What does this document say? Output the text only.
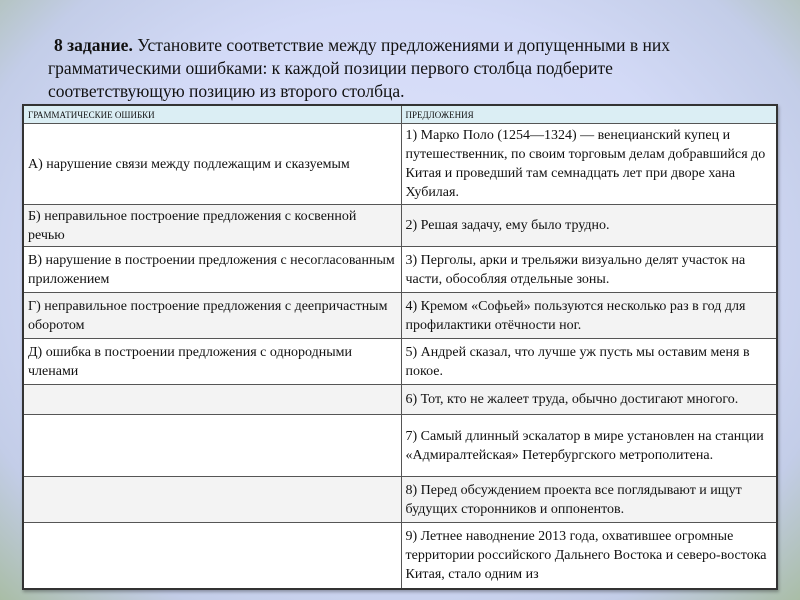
8 задание. Установите соответствие между предложениями и допущенными в них грамматическими ошибками: к каждой позиции первого столбца подберите соответствующую позицию из второго столбца.
ГРАММАТИЧЕСКИЕ ОШИБКИ	ПРЕДЛОЖЕНИЯ
А) нарушение связи между подлежащим и сказуемым	1) Марко Поло (1254—1324) — венецианский купец и путешественник, по своим торговым делам добравшийся до Китая и проведший там семнадцать лет при дворе хана Хубилая.
Б) неправильное построение предложения с косвенной речью	2) Решая задачу, ему было трудно.
В) нарушение в построении предложения с несогласованным приложением	3) Перголы, арки и трельяжи визуально делят участок на части, обособляя отдельные зоны.
Г) неправильное построение предложения с деепричастным оборотом	4) Кремом «Софьей» пользуются несколько раз в год для профилактики отёчности ног.
Д) ошибка в построении предложения с однородными членами	5) Андрей сказал, что лучше уж пусть мы оставим меня в покое.
	6) Тот, кто не жалеет труда, обычно достигают многого.
	7) Самый длинный эскалатор в мире установлен на станции «Адмиралтейская» Петербургского метрополитена.
	8) Перед обсуждением проекта все поглядывают и ищут будущих сторонников и оппонентов.
	9) Летнее наводнение 2013 года, охватившее огромные территории российского Дальнего Востока и северо-востока Китая, стало одним из
